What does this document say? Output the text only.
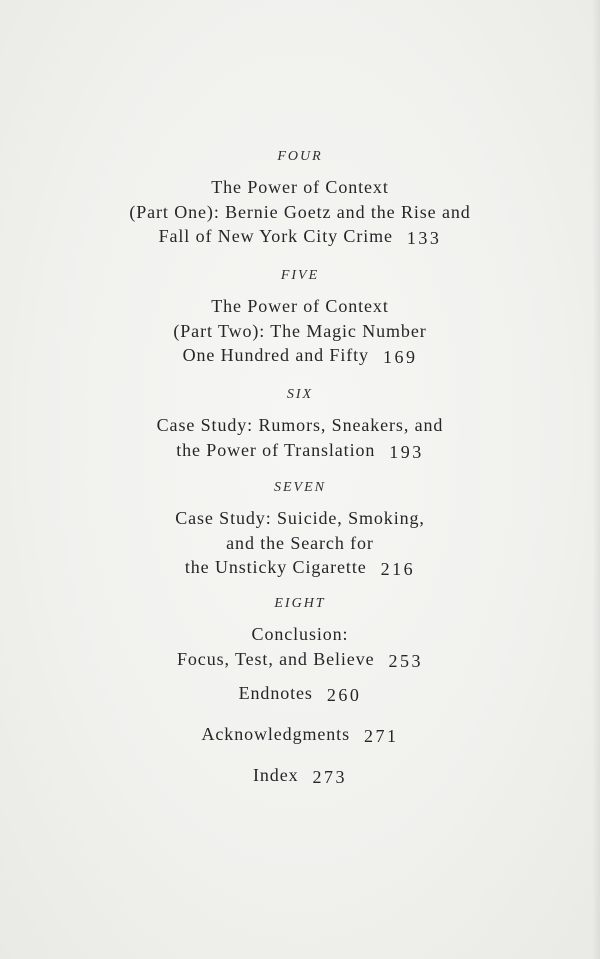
FOUR
The Power of Context
(Part One): Bernie Goetz and the Rise and
Fall of New York City Crime 133
FIVE
The Power of Context
(Part Two): The Magic Number
One Hundred and Fifty 169
SIX
Case Study: Rumors, Sneakers, and
the Power of Translation 193
SEVEN
Case Study: Suicide, Smoking,
and the Search for
the Unsticky Cigarette 216
EIGHT
Conclusion:
Focus, Test, and Believe 253
Endnotes 260
Acknowledgments 271
Index 273
